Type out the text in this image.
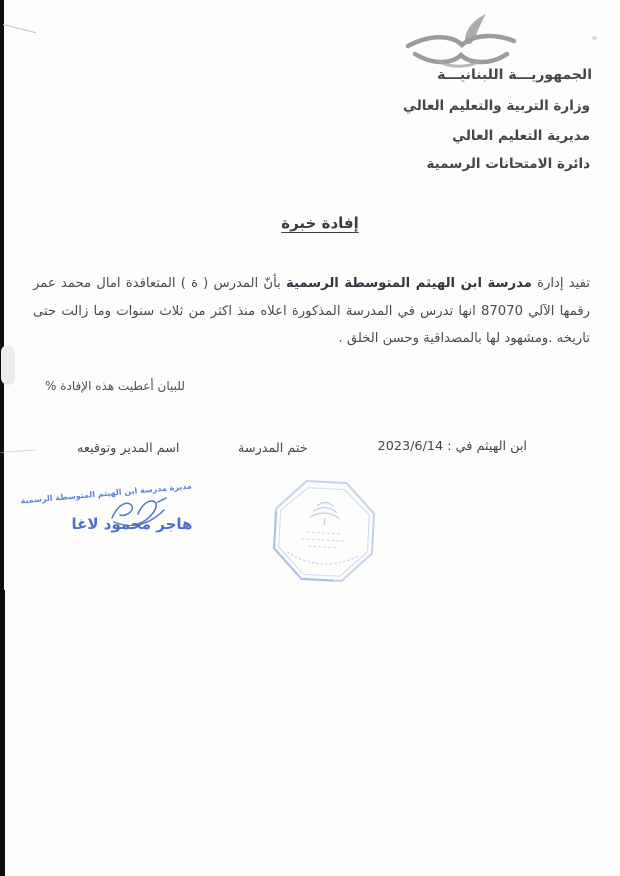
الجمهوريـــة اللبنانيـــة
وزارة التربية والتعليم العالي
مديرية التعليم العالي
دائرة الامتحانات الرسمية
إفادة خبرة
تفيد إدارة مدرسة ابن الهيثم المتوسطة الرسمية بأنّ المدرس ( ة ) المتعاقدة امال محمد عمر
رقمها الآلي 87070 انها تدرس في المدرسة المذكورة اعلاه منذ اكثر من ثلاث سنوات وما زالت حتى
تاريخه .ومشهود لها بالمصداقية وحسن الخلق .
للبيان أعطيت هذه الإفادة %
ابن الهيثم في : 2023/6/14
ختم المدرسة
اسم المدير وتوقيعه
مديرة مدرسة ابن الهيثم المتوسطة الرسمية
هاجر محمود لاغا
